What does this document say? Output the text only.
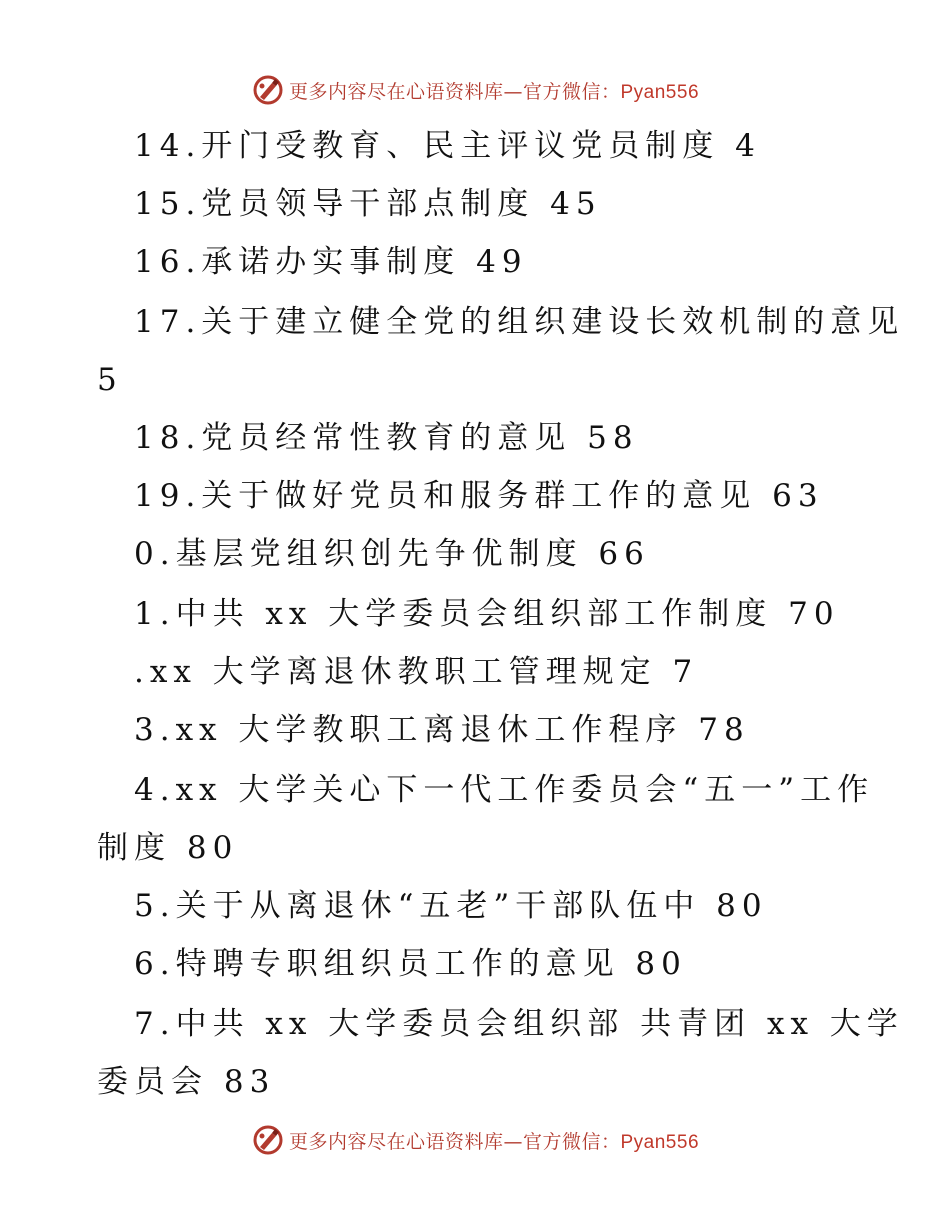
更多内容尽在心语资料库—官方微信：Pyan556
14.开门受教育、民主评议党员制度 4
15.党员领导干部点制度 45
16.承诺办实事制度 49
17.关于建立健全党的组织建设长效机制的意见
5
18.党员经常性教育的意见 58
19.关于做好党员和服务群工作的意见 63
0.基层党组织创先争优制度 66
1.中共 xx 大学委员会组织部工作制度 70
.xx 大学离退休教职工管理规定 7
3.xx 大学教职工离退休工作程序 78
4.xx 大学关心下一代工作委员会“五一”工作
制度 80
5.关于从离退休“五老”干部队伍中 80
6.特聘专职组织员工作的意见 80
7.中共 xx 大学委员会组织部 共青团 xx 大学
委员会 83
更多内容尽在心语资料库—官方微信：Pyan556
